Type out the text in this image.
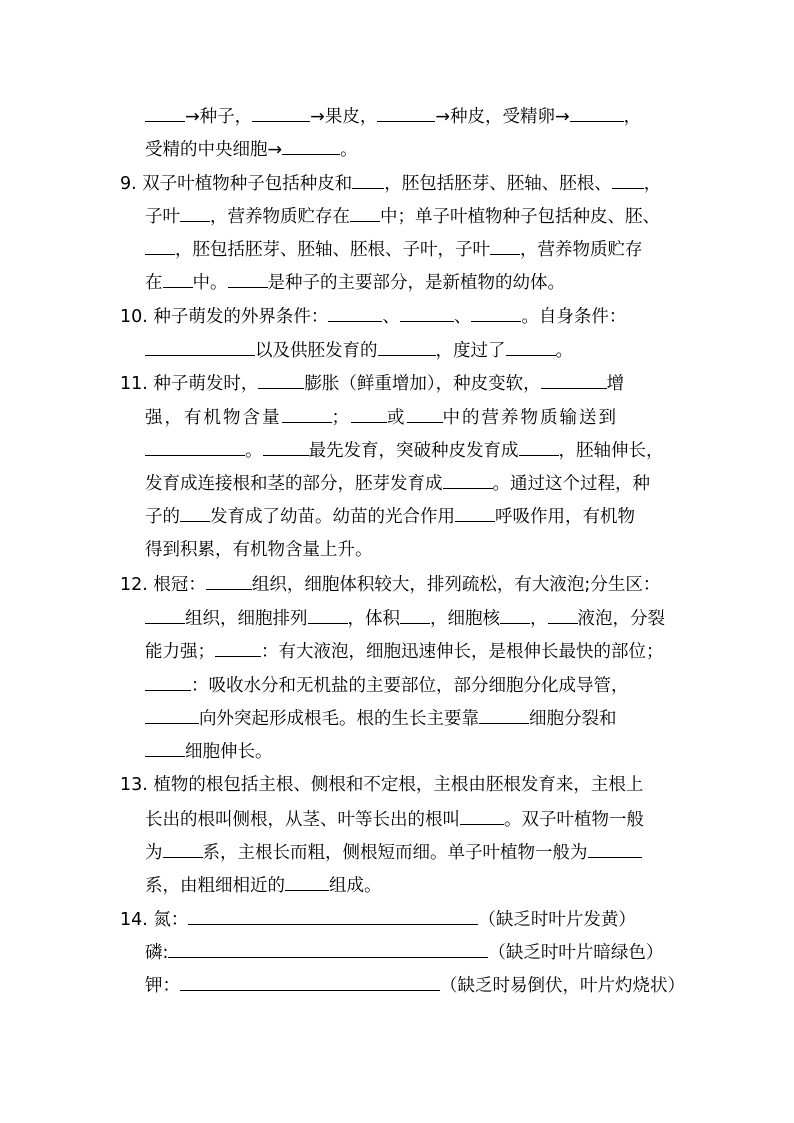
→种子，	→果皮，	→种皮，受精卵→	，
受精的中央细胞→	。
9. 双子叶植物种子包括种皮和 ，胚包括胚芽、胚轴、胚根、 ，
子叶 ，营养物质贮存在 中；单子叶植物种子包括种皮、胚、
，胚包括胚芽、胚轴、胚根、子叶，子叶 ，营养物质贮存
在 中。 是种子的主要部分，是新植物的幼体。
10. 种子萌发的外界条件：	、	、	。自身条件：
以及供胚发育的	，度过了	。
11. 种子萌发时，	膨胀（鲜重增加），种皮变软，	增
强，有机物含量	； 或 中的营养物质输送到
。	最先发育，突破种皮发育成 ，胚轴伸长，
发育成连接根和茎的部分，胚芽发育成	。通过这个过程，种
子的 发育成了幼苗。幼苗的光合作用 呼吸作用，有机物
得到积累，有机物含量上升。
12. 根冠：	组织，细胞体积较大，排列疏松，有大液泡;分生区：
组织，细胞排列 ，体积 ，细胞核 ， 液泡，分裂
能力强；	：有大液泡，细胞迅速伸长，是根伸长最快的部位；
：吸收水分和无机盐的主要部位，部分细胞分化成导管，
向外突起形成根毛。根的生长主要靠	细胞分裂和
细胞伸长。
13. 植物的根包括主根、侧根和不定根，主根由胚根发育来，主根上
长出的根叫侧根，从茎、叶等长出的根叫	。双子叶植物一般
为 系，主根长而粗，侧根短而细。单子叶植物一般为
系，由粗细相近的	组成。
14. 氮：	（缺乏时叶片发黄）
磷:	（缺乏时叶片暗绿色）
钾：	（缺乏时易倒伏，叶片灼烧状）
